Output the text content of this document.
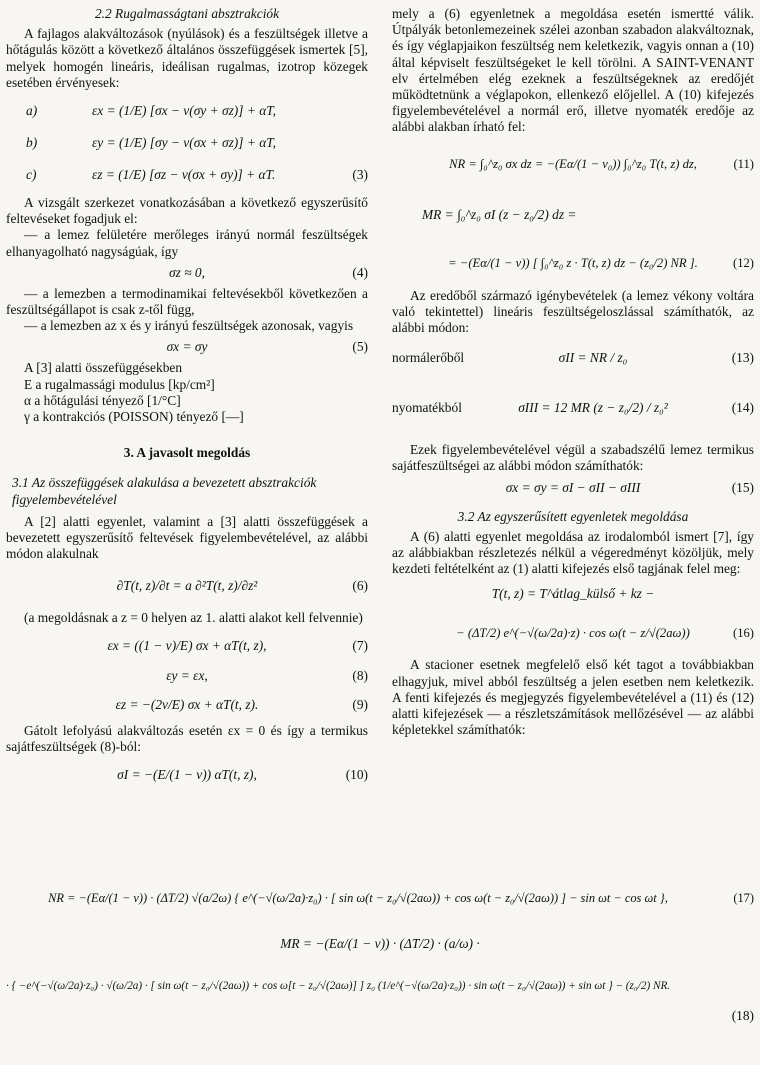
2.2 Rugalmasságtani absztrakciók

A fajlagos alakváltozások (nyúlások) és a feszültségek illetve a hőtágulás között a következő általános összefüggések ismertek [5], melyek homogén lineáris, ideálisan rugalmas, izotrop közegek esetében érvényesek:

a)	εx = (1/E) [σx − ν(σy + σz)] + αT,
b)	εy = (1/E) [σy − ν(σx + σz)] + αT,
c)	εz = (1/E) [σz − ν(σx + σy)] + αT.	(3)

A vizsgált szerkezet vonatkozásában a következő egyszerűsítő feltevéseket fogadjuk el:

— a lemez felületére merőleges irányú normál feszültségek elhanyagolható nagyságúak, így

σz ≈ 0,	(4)

— a lemezben a termodinamikai feltevésekből következően a feszültségállapot is csak z-től függ,

— a lemezben az x és y irányú feszültségek azonosak, vagyis

σx = σy	(5)

A [3] alatti összefüggésekben

E a rugalmassági modulus [kp/cm²]

α a hőtágulási tényező [1/°C]

γ a kontrakciós (POISSON) tényező [—]

3. A javasolt megoldás

3.1 Az összefüggések alakulása a bevezetett absztrakciók figyelembevételével

A [2] alatti egyenlet, valamint a [3] alatti összefüggések a bevezetett egyszerűsítő feltevések figyelembevételével, az alábbi módon alakulnak

∂T(t, z)/∂t = a ∂²T(t, z)/∂z²	(6)

(a megoldásnak a z = 0 helyen az 1. alatti alakot kell felvennie)

εx = ((1 − ν)/E) σx + αT(t, z),	(7)
εy = εx,	(8)
εz = −(2ν/E) σx + αT(t, z).	(9)

Gátolt lefolyású alakváltozás esetén εx = 0 és így a termikus sajátfeszültségek (8)-ból:

σI = −(E/(1 − ν)) αT(t, z),	(10)

mely a (6) egyenletnek a megoldása esetén ismertté válik. Útpályák betonlemezeinek szélei azonban szabadon alakváltoznak, és így véglapjaikon feszültség nem keletkezik, vagyis onnan a (10) által képviselt feszültségeket le kell törölni. A SAINT-VENANT elv értelmében elég ezeknek a feszültségeknek az eredőjét működtetnünk a véglapokon, ellenkező előjellel. A (10) kifejezés figyelembevételével a normál erő, illetve nyomaték eredője az alábbi alakban írható fel:

NR = ∫₀^z₀ σx dz = −(Eα/(1 − ν₀)) ∫₀^z₀ T(t, z) dz,	(11)
MR = ∫₀^z₀ σI (z − z₀/2) dz =
= −(Eα/(1 − ν)) [ ∫₀^z₀ z · T(t, z) dz − (z₀/2) NR ].	(12)

Az eredőből származó igénybevételek (a lemez vékony voltára való tekintettel) lineáris feszültségeloszlással számíthatók, az alábbi módon:

normálerőből	σII = NR / z₀	(13)
nyomatékból	σIII = 12 MR (z − z₀/2) / z₀²	(14)

Ezek figyelembevételével végül a szabadszélű lemez termikus sajátfeszültségei az alábbi módon számíthatók:

σx = σy = σI − σII − σIII	(15)

3.2 Az egyszerűsített egyenletek megoldása

A (6) alatti egyenlet megoldása az irodalomból ismert [7], így az alábbiakban részletezés nélkül a végeredményt közöljük, mely kezdeti feltételként az (1) alatti kifejezés első tagjának felel meg:

T(t, z) = T^átlag_külső + kz −
− (ΔT/2) e^(−√(ω/2a)·z) · cos ω(t − z/√(2aω))	(16)

A stacioner esetnek megfelelő első két tagot a továbbiakban elhagyjuk, mivel abból feszültség a jelen esetben nem keletkezik. A fenti kifejezés és megjegyzés figyelembevételével a (11) és (12) alatti kifejezések — a részletszámítások mellőzésével — az alábbi képletekkel számíthatók:

NR = −(Eα/(1 − ν)) · (ΔT/2) √(a/2ω) { e^(−√(ω/2a)·z₀) · [ sin ω(t − z₀/√(2aω)) + cos ω(t − z₀/√(2aω)) ] − sin ωt − cos ωt },	(17)
MR = −(Eα/(1 − ν)) · (ΔT/2) · (a/ω) ·
· { −e^(−√(ω/2a)·z₀) · √(ω/2a) · [ sin ω(t − z₀/√(2aω)) + cos ω[t − z₀/√(2aω)] ] z₀ (1/e^(−√(ω/2a)·z₀)) · sin ω(t − z₀/√(2aω)) + sin ωt } − (z₀/2) NR.
(18)
